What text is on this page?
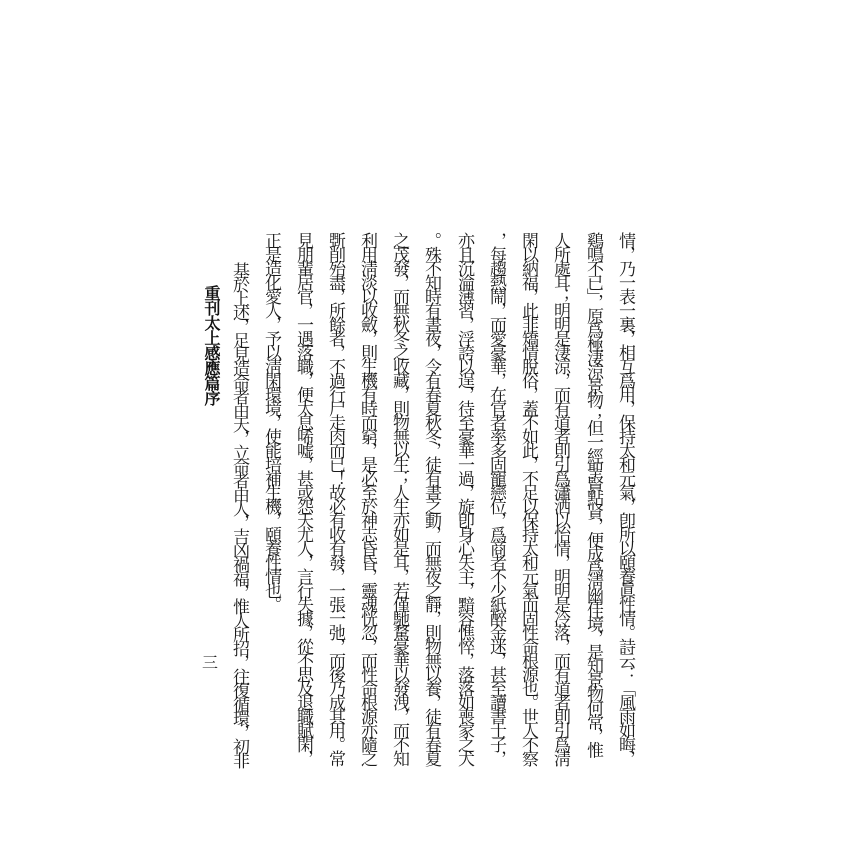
重刊太上感應篇序
三	情，乃一表一裏，相互爲用，保持太和元氣，卽所以頤養眞性情。詩云：「風雨如晦，
鷄鳴不已」，原爲極淒涼景物；但一經聖賢點䝨，便成爲淸幽佳境，是知景物何常，惟
人所處耳；明明是淒涼，而有道者則引爲瀟洒以怡情，明明是冷落，而有道者則引爲淸
閑以納福，此非矯情脫俗，蓋不如此，不足以保持太和元氣而固性命根源也。世人不察
，每趨熱鬧，而愛豪華，在官者率多固寵戀位，爲商者不少紙醉金迷，甚至讀書士子，
亦且沉淪薄習，浮誇以逞，待至豪華一過，旋卽身心失主，黯容憔悴，落落如喪家之犬
。殊不知時有晝夜，令有春夏秋冬，徒有晝之動，而無夜之靜，則物無以養，徒有春夏
之茂發，而無秋冬之收藏，則物無以生；人生亦如是耳，若僅馳騖豪華以發洩，而不知
利用淸淡以收斂，則生機有時而窮，是必至於神志昏昏，靈魂恍忽，而性命根源亦隨之
斲削殆盡，所餘者，不過行尸走肉而已！故必有收有發，一張一弛，而後乃成其用。常
見朋輩居官，一遇落職，便太息唏嘘，甚或怨天尤人，言行失據，從不思及退職賦閑，
正是造化愛人，予以淸閑環境，使能培補生機，頤養性情也。
基於上述，足見造命者由天，立命者由人，吉凶禍福，惟人所招，往復循環，初非
